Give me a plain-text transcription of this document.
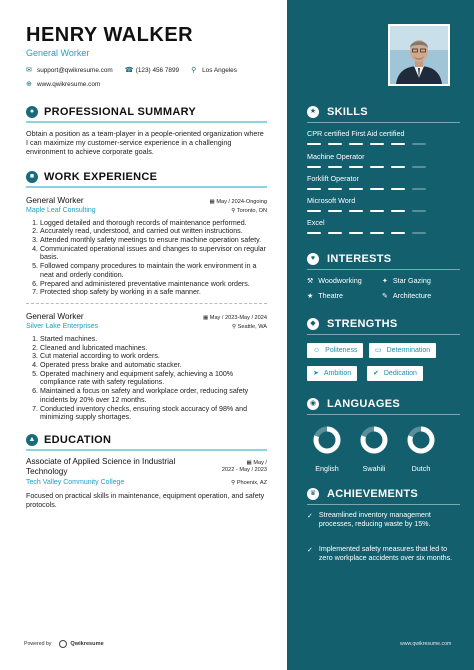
HENRY WALKER
General Worker
✉ support@qwikresume.com ☎ (123) 456 7899 ⚲ Los Angeles
⊕ www.qwikresume.com
● PROFESSIONAL SUMMARY
Obtain a position as a team-player in a people-oriented organization where I can maximize my customer-service experience in a challenging environment to achieve corporate goals.
■ WORK EXPERIENCE
General Worker	▦ May / 2024-Ongoing
Maple Leaf Consulting	⚲ Toronto, ON
1. Logged detailed and thorough records of maintenance performed.
2. Accurately read, understood, and carried out written instructions.
3. Attended monthly safety meetings to ensure machine operation safety.
4. Communicated operational issues and changes to supervisor on regular basis.
5. Followed company procedures to maintain the work environment in a neat and orderly condition.
6. Prepared and administered preventative maintenance work orders.
7. Protected shop safety by working in a safe manner.
General Worker	▦ May / 2023-May / 2024
Silver Lake Enterprises	⚲ Seattle, WA
1. Started machines.
2. Cleaned and lubricated machines.
3. Cut material according to work orders.
4. Operated press brake and automatic stacker.
5. Operated machinery and equipment safely, achieving a 100% compliance rate with safety regulations.
6. Maintained a focus on safety and workplace order, reducing safety incidents by 20% over 12 months.
7. Conducted inventory checks, ensuring stock accuracy of 98% and minimizing supply shortages.
▲ EDUCATION
Associate of Applied Science in Industrial Technology
▦ May /
2022 - May / 2023
Tech Valley Community College	⚲ Phoenix, AZ
Focused on practical skills in maintenance, equipment operation, and safety protocols.
Powered by	Qwikresume
★ SKILLS
CPR certified First Aid certified
Machine Operator
Forklift Operator
Microsoft Word
Excel
♥	INTERESTS
⚒ Woodworking	✦ Star Gazing
★ Theatre	✎ Architecture
◆	STRENGTHS
☺ Politeness	▭ Determination
➤ Ambition	✔ Dedication
◉ LANGUAGES
English	Swahili	Dutch
♛ ACHIEVEMENTS
✓ Streamlined inventory management processes, reducing waste by 15%.
✓ Implemented safety measures that led to zero workplace accidents over six months.
www.qwikresume.com
